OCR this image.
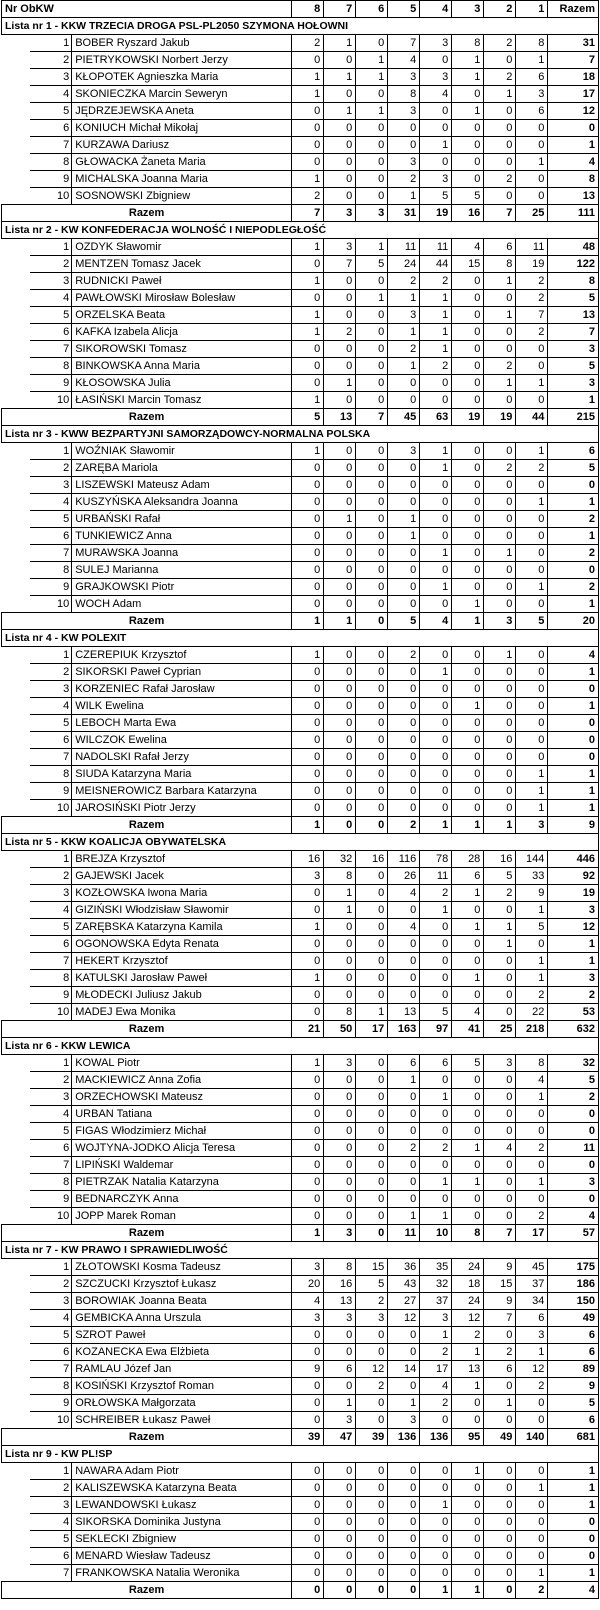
Nr ObKW			8	7	6	5	4	3	2	1	Razem
Lista nr 1 - KKW TRZECIA DROGA PSL-PL2050 SZYMONA HOŁOWNI											
	1	BOBER Ryszard Jakub	2	1	0	7	3	8	2	8	31
	2	PIETRYKOWSKI Norbert Jerzy	0	0	1	4	0	1	0	1	7
	3	KŁOPOTEK Agnieszka Maria	1	1	1	3	3	1	2	6	18
	4	SKONIECZKA Marcin Seweryn	1	0	0	8	4	0	1	3	17
	5	JĘDRZEJEWSKA Aneta	0	1	1	3	0	1	0	6	12
	6	KONIUCH Michał Mikołaj	0	0	0	0	0	0	0	0	0
	7	KURZAWA Dariusz	0	0	0	0	1	0	0	0	1
	8	GŁOWACKA Żaneta Maria	0	0	0	3	0	0	0	1	4
	9	MICHALSKA Joanna Maria	1	0	0	2	3	0	2	0	8
	10	SOSNOWSKI Zbigniew	2	0	0	1	5	5	0	0	13
Razem			7	3	3	31	19	16	7	25	111
Lista nr 2 - KW KONFEDERACJA WOLNOŚĆ I NIEPODLEGŁOŚĆ											
	1	OZDYK Sławomir	1	3	1	11	11	4	6	11	48
	2	MENTZEN Tomasz Jacek	0	7	5	24	44	15	8	19	122
	3	RUDNICKI Paweł	1	0	0	2	2	0	1	2	8
	4	PAWŁOWSKI Mirosław Bolesław	0	0	1	1	1	0	0	2	5
	5	ORZELSKA Beata	1	0	0	3	1	0	1	7	13
	6	KAFKA Izabela Alicja	1	2	0	1	1	0	0	2	7
	7	SIKOROWSKI Tomasz	0	0	0	2	1	0	0	0	3
	8	BINKOWSKA Anna Maria	0	0	0	1	2	0	2	0	5
	9	KŁOSOWSKA Julia	0	1	0	0	0	0	1	1	3
	10	ŁASIŃSKI Marcin Tomasz	1	0	0	0	0	0	0	0	1
Razem			5	13	7	45	63	19	19	44	215
Lista nr 3 - KWW BEZPARTYJNI SAMORZĄDOWCY-NORMALNA POLSKA											
	1	WOŹNIAK Sławomir	1	0	0	3	1	0	0	1	6
	2	ZARĘBA Mariola	0	0	0	0	1	0	2	2	5
	3	LISZEWSKI Mateusz Adam	0	0	0	0	0	0	0	0	0
	4	KUSZYŃSKA Aleksandra Joanna	0	0	0	0	0	0	0	1	1
	5	URBAŃSKI Rafał	0	1	0	1	0	0	0	0	2
	6	TUNKIEWICZ Anna	0	0	0	1	0	0	0	0	1
	7	MURAWSKA Joanna	0	0	0	0	1	0	1	0	2
	8	SULEJ Marianna	0	0	0	0	0	0	0	0	0
	9	GRAJKOWSKI Piotr	0	0	0	0	1	0	0	1	2
	10	WOCH Adam	0	0	0	0	0	1	0	0	1
Razem			1	1	0	5	4	1	3	5	20
Lista nr 4 - KW POLEXIT											
	1	CZEREPIUK Krzysztof	1	0	0	2	0	0	1	0	4
	2	SIKORSKI Paweł Cyprian	0	0	0	0	1	0	0	0	1
	3	KORZENIEC Rafał Jarosław	0	0	0	0	0	0	0	0	0
	4	WILK Ewelina	0	0	0	0	0	1	0	0	1
	5	LEBOCH Marta Ewa	0	0	0	0	0	0	0	0	0
	6	WILCZOK Ewelina	0	0	0	0	0	0	0	0	0
	7	NADOLSKI Rafał Jerzy	0	0	0	0	0	0	0	0	0
	8	SIUDA Katarzyna Maria	0	0	0	0	0	0	0	1	1
	9	MEISNEROWICZ Barbara Katarzyna	0	0	0	0	0	0	0	1	1
	10	JAROSIŃSKI Piotr Jerzy	0	0	0	0	0	0	0	1	1
Razem			1	0	0	2	1	1	1	3	9
Lista nr 5 - KKW KOALICJA OBYWATELSKA											
	1	BREJZA Krzysztof	16	32	16	116	78	28	16	144	446
	2	GAJEWSKI Jacek	3	8	0	26	11	6	5	33	92
	3	KOZŁOWSKA Iwona Maria	0	1	0	4	2	1	2	9	19
	4	GIZIŃSKI Włodzisław Sławomir	0	1	0	0	1	0	0	1	3
	5	ZARĘBSKA Katarzyna Kamila	1	0	0	4	0	1	1	5	12
	6	OGONOWSKA Edyta Renata	0	0	0	0	0	0	1	0	1
	7	HEKERT Krzysztof	0	0	0	0	0	0	0	1	1
	8	KATULSKI Jarosław Paweł	1	0	0	0	0	1	0	1	3
	9	MŁODECKI Juliusz Jakub	0	0	0	0	0	0	0	2	2
	10	MADEJ Ewa Monika	0	8	1	13	5	4	0	22	53
Razem			21	50	17	163	97	41	25	218	632
Lista nr 6 - KKW LEWICA											
	1	KOWAL Piotr	1	3	0	6	6	5	3	8	32
	2	MACKIEWICZ Anna Zofia	0	0	0	1	0	0	0	4	5
	3	ORZECHOWSKI Mateusz	0	0	0	0	1	0	0	1	2
	4	URBAN Tatiana	0	0	0	0	0	0	0	0	0
	5	FIGAS Włodzimierz Michał	0	0	0	0	0	0	0	0	0
	6	WOJTYNA-JODKO Alicja Teresa	0	0	0	2	2	1	4	2	11
	7	LIPIŃSKI Waldemar	0	0	0	0	0	0	0	0	0
	8	PIETRZAK Natalia Katarzyna	0	0	0	0	1	1	0	1	3
	9	BEDNARCZYK Anna	0	0	0	0	0	0	0	0	0
	10	JOPP Marek Roman	0	0	0	1	1	0	0	2	4
Razem			1	3	0	11	10	8	7	17	57
Lista nr 7 - KW PRAWO I SPRAWIEDLIWOŚĆ											
	1	ZŁOTOWSKI Kosma Tadeusz	3	8	15	36	35	24	9	45	175
	2	SZCZUCKI Krzysztof Łukasz	20	16	5	43	32	18	15	37	186
	3	BOROWIAK Joanna Beata	4	13	2	27	37	24	9	34	150
	4	GEMBICKA Anna Urszula	3	3	3	12	3	12	7	6	49
	5	SZROT Paweł	0	0	0	0	1	2	0	3	6
	6	KOZANECKA Ewa Elżbieta	0	0	0	0	2	1	2	1	6
	7	RAMLAU Józef Jan	9	6	12	14	17	13	6	12	89
	8	KOSIŃSKI Krzysztof Roman	0	0	2	0	4	1	0	2	9
	9	ORŁOWSKA Małgorzata	0	1	0	1	2	0	1	0	5
	10	SCHREIBER Łukasz Paweł	0	3	0	3	0	0	0	0	6
Razem			39	47	39	136	136	95	49	140	681
Lista nr 9 - KW PL!SP											
	1	NAWARA Adam Piotr	0	0	0	0	0	1	0	0	1
	2	KALISZEWSKA Katarzyna Beata	0	0	0	0	0	0	0	1	1
	3	LEWANDOWSKI Łukasz	0	0	0	0	1	0	0	0	1
	4	SIKORSKA Dominika Justyna	0	0	0	0	0	0	0	0	0
	5	SEKLECKI Zbigniew	0	0	0	0	0	0	0	0	0
	6	MENARD Wiesław Tadeusz	0	0	0	0	0	0	0	0	0
	7	FRANKOWSKA Natalia Weronika	0	0	0	0	0	0	0	1	1
Razem			0	0	0	0	1	1	0	2	4
